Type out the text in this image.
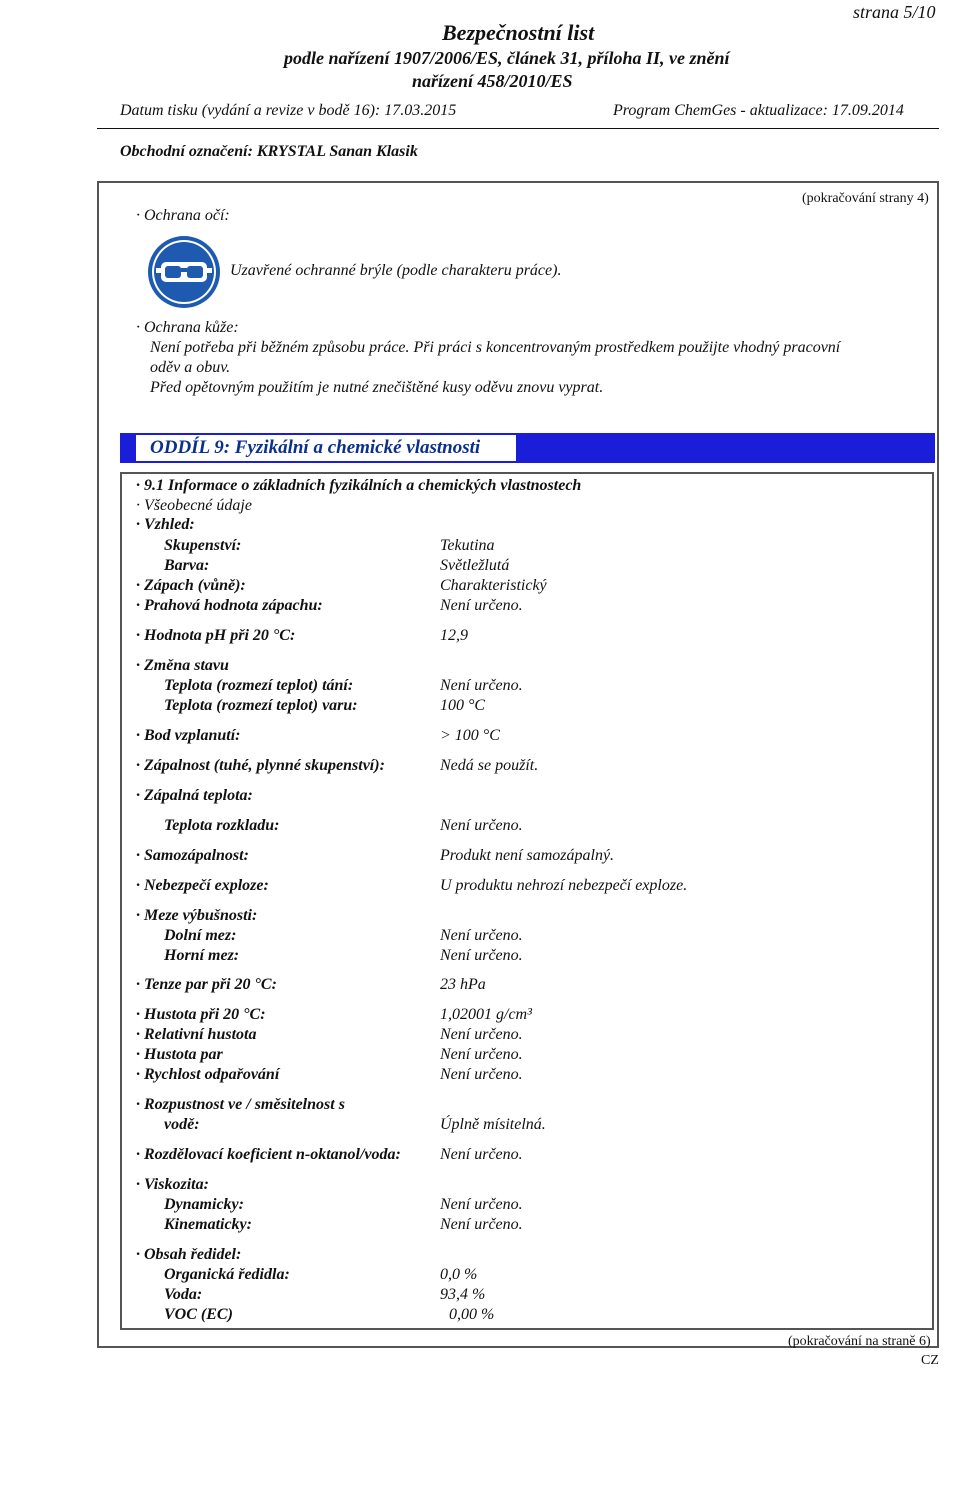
strana 5/10
Bezpečnostní list
podle nařízení 1907/2006/ES, článek 31, příloha II, ve znění
nařízení 458/2010/ES
Datum tisku (vydání a revize v bodě 16): 17.03.2015	Program ChemGes - aktualizace: 17.09.2014
Obchodní označení: KRYSTAL Sanan Klasik
(pokračování strany 4)
· Ochrana očí:
Uzavřené ochranné brýle (podle charakteru práce).
· Ochrana kůže:
Není potřeba při běžném způsobu práce. Při práci s koncentrovaným prostředkem použijte vhodný pracovní
oděv a obuv.
Před opětovným použitím je nutné znečištěné kusy oděvu znovu vyprat.
ODDÍL 9: Fyzikální a chemické vlastnosti
· 9.1 Informace o základních fyzikálních a chemických vlastnostech
· Všeobecné údaje
· Vzhled:
Skupenství:	Tekutina
Barva:	Světležlutá
· Zápach (vůně):	Charakteristický
· Prahová hodnota zápachu:	Není určeno.
· Hodnota pH při 20 °C:	12,9
· Změna stavu
Teplota (rozmezí teplot) tání:	Není určeno.
Teplota (rozmezí teplot) varu:	100 °C
· Bod vzplanutí:	> 100 °C
· Zápalnost (tuhé, plynné skupenství):	Nedá se použít.
· Zápalná teplota:
Teplota rozkladu:	Není určeno.
· Samozápalnost:	Produkt není samozápalný.
· Nebezpečí exploze:	U produktu nehrozí nebezpečí exploze.
· Meze výbušnosti:
Dolní mez:	Není určeno.
Horní mez:	Není určeno.
· Tenze par při 20 °C:	23 hPa
· Hustota při 20 °C:	1,02001 g/cm³
· Relativní hustota	Není určeno.
· Hustota par	Není určeno.
· Rychlost odpařování	Není určeno.
· Rozpustnost ve / směsitelnost s
vodě:	Úplně mísitelná.
· Rozdělovací koeficient n-oktanol/voda: Není určeno.
· Viskozita:
Dynamicky:	Není určeno.
Kinematicky:	Není určeno.
· Obsah ředidel:
Organická ředidla:	0,0 %
Voda:	93,4 %
VOC (EC)	0,00 %
(pokračování na straně 6)
CZ
